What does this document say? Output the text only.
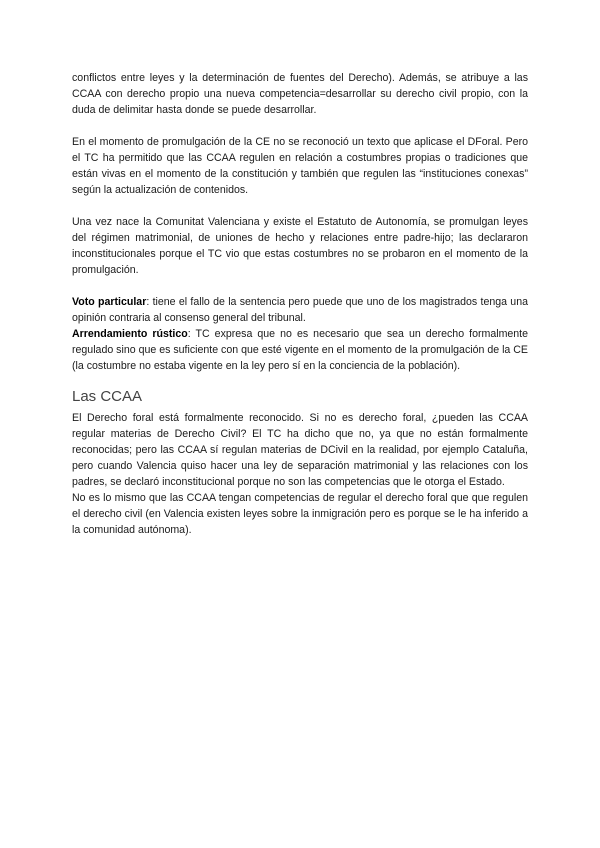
conflictos entre leyes y la determinación de fuentes del Derecho). Además, se atribuye a las CCAA con derecho propio una nueva competencia=desarrollar su derecho civil propio, con la duda de delimitar hasta donde se puede desarrollar.

En el momento de promulgación de la CE no se reconoció un texto que aplicase el DForal. Pero el TC ha permitido que las CCAA regulen en relación a costumbres propias o tradiciones que están vivas en el momento de la constitución y también que regulen las “instituciones conexas” según la actualización de contenidos.

Una vez nace la Comunitat Valenciana y existe el Estatuto de Autonomía, se promulgan leyes del régimen matrimonial, de uniones de hecho y relaciones entre padre-hijo; las declararon inconstitucionales porque el TC vio que estas costumbres no se probaron en el momento de la promulgación.

Voto particular: tiene el fallo de la sentencia pero puede que uno de los magistrados tenga una opinión contraria al consenso general del tribunal.

Arrendamiento rústico: TC expresa que no es necesario que sea un derecho formalmente regulado sino que es suficiente con que esté vigente en el momento de la promulgación de la CE (la costumbre no estaba vigente en la ley pero sí en la conciencia de la población).

Las CCAA

El Derecho foral está formalmente reconocido. Si no es derecho foral, ¿pueden las CCAA regular materias de Derecho Civil? El TC ha dicho que no, ya que no están formalmente reconocidas; pero las CCAA sí regulan materias de DCivil en la realidad, por ejemplo Cataluña, pero cuando Valencia quiso hacer una ley de separación matrimonial y las relaciones con los padres, se declaró inconstitucional porque no son las competencias que le otorga el Estado.

No es lo mismo que las CCAA tengan competencias de regular el derecho foral que que regulen el derecho civil (en Valencia existen leyes sobre la inmigración pero es porque se le ha inferido a la comunidad autónoma).
